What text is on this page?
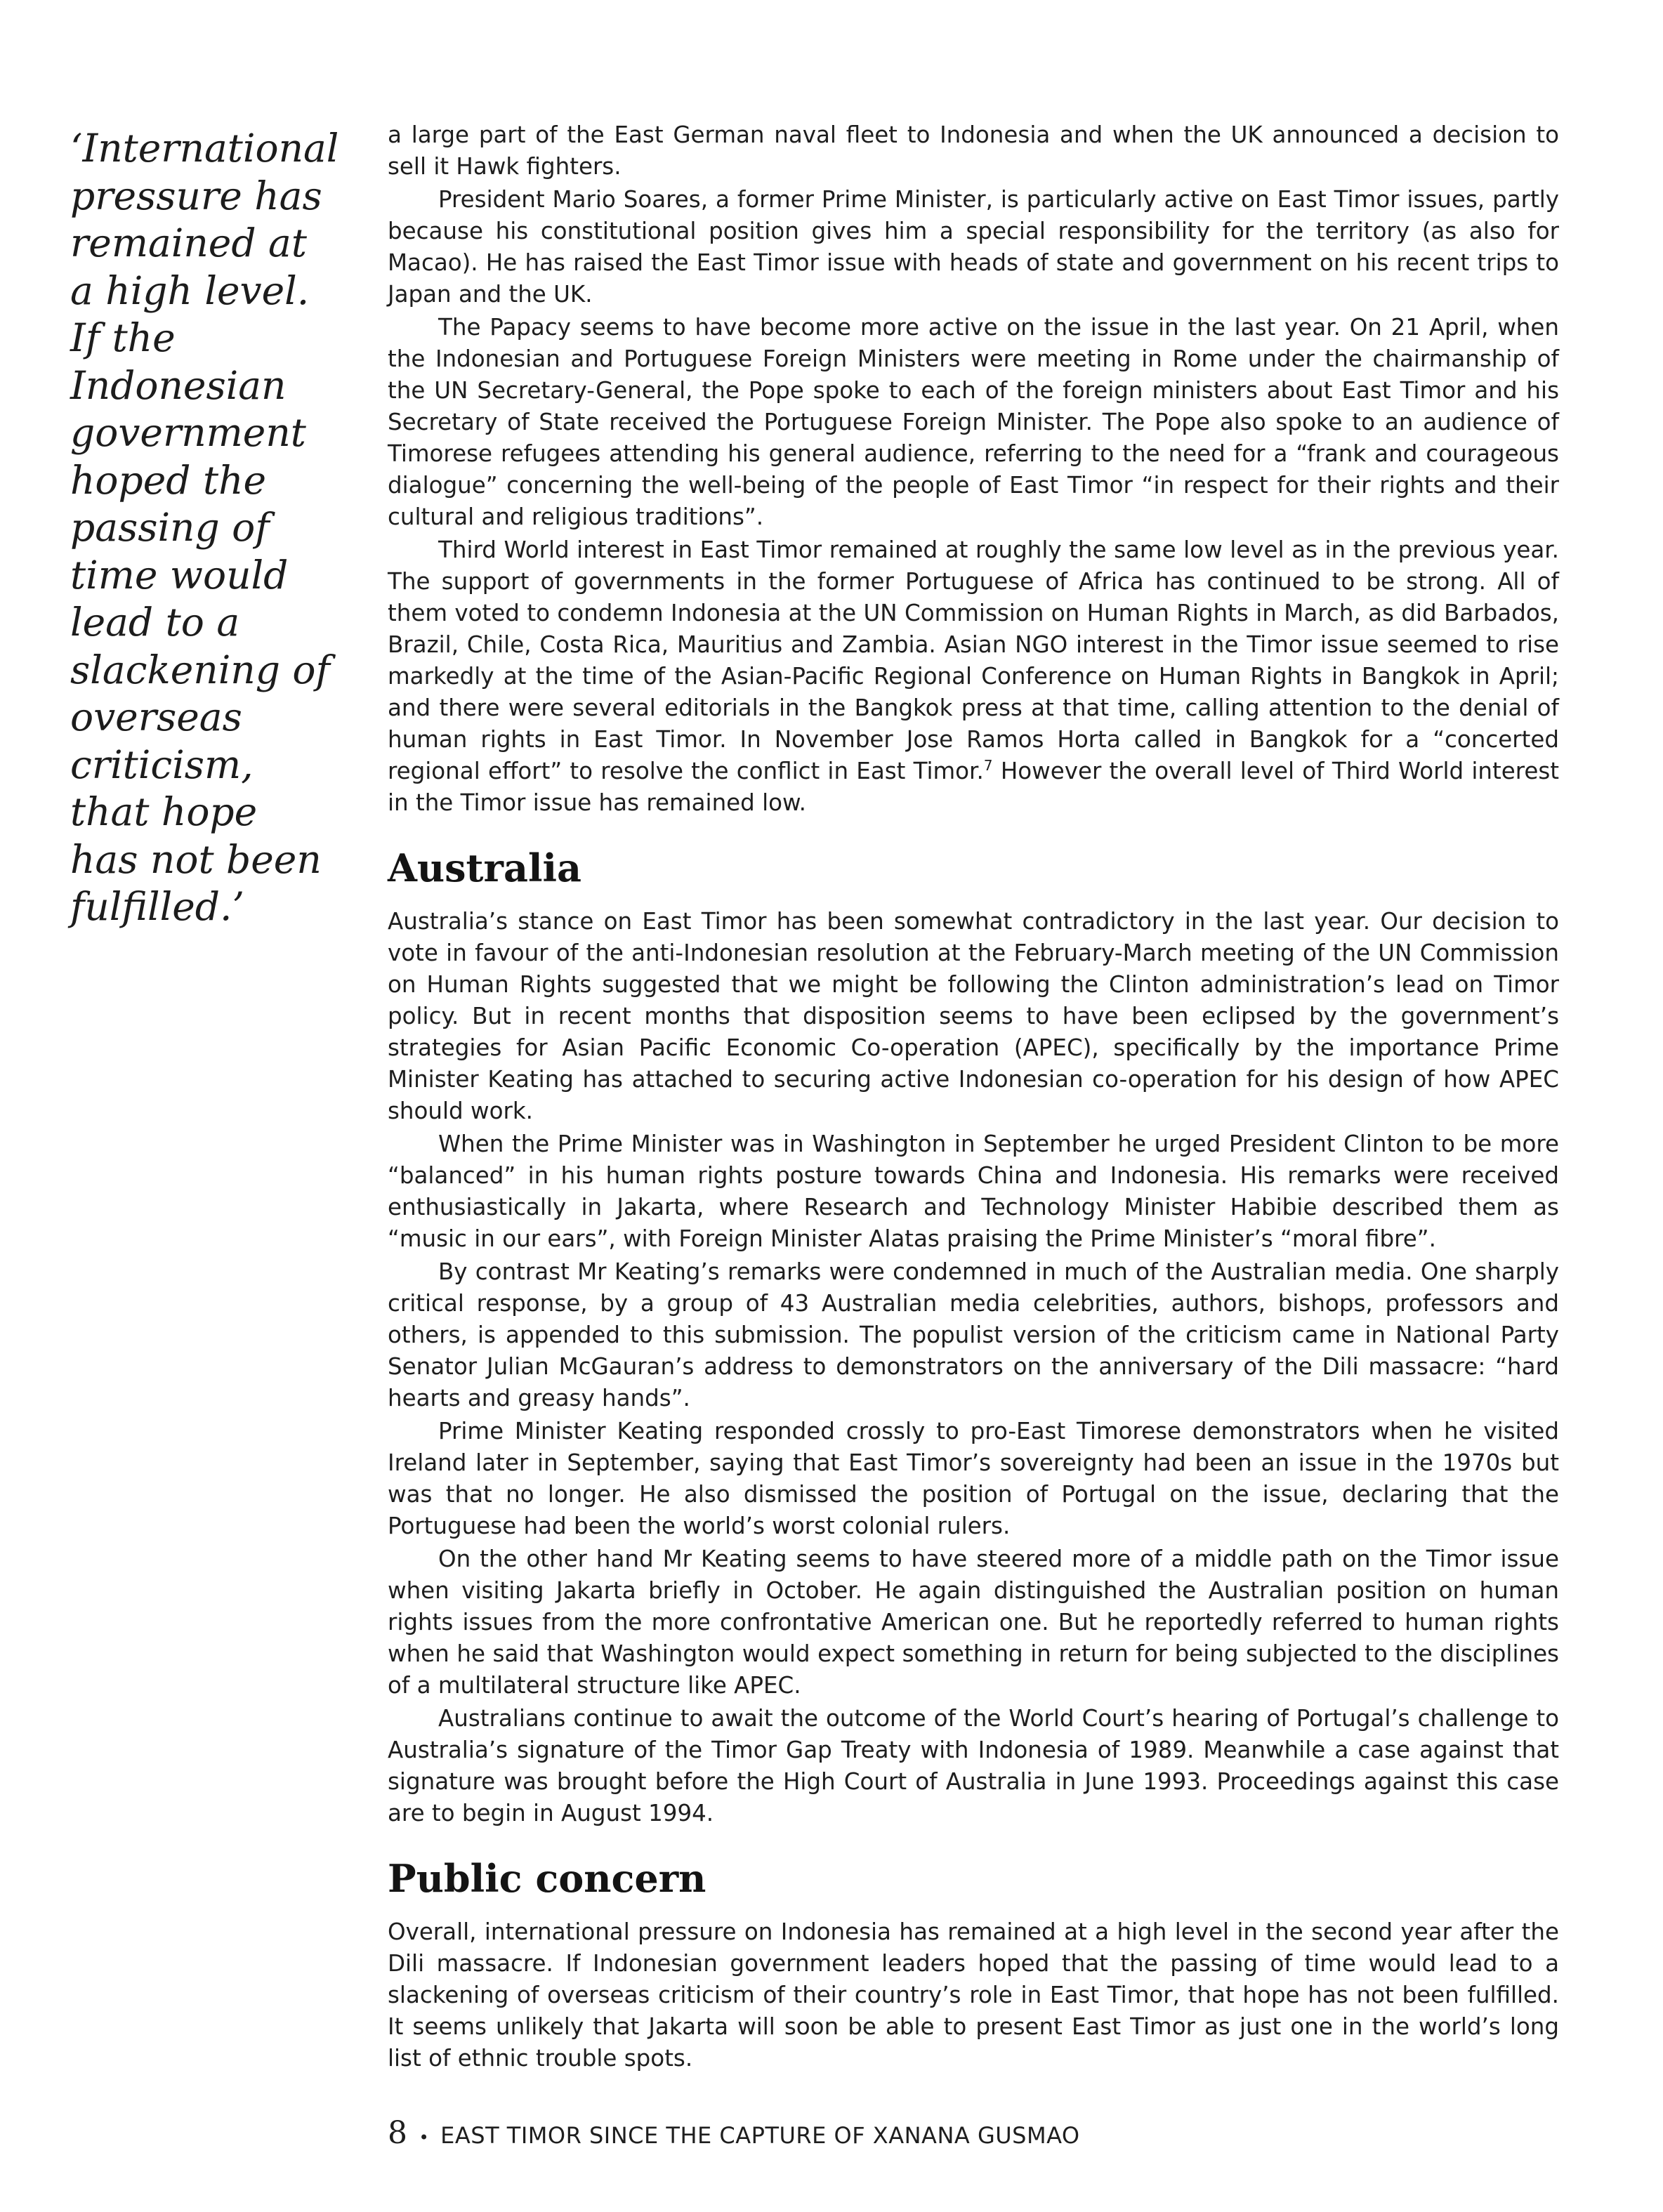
‘International pressure has remained at a high level. If the Indonesian government hoped the passing of time would lead to a slackening of overseas criticism, that hope has not been fulfilled.’

a large part of the East German naval fleet to Indonesia and when the UK announced a decision to sell it Hawk fighters.

President Mario Soares, a former Prime Minister, is particularly active on East Timor issues, partly because his constitutional position gives him a special responsibility for the territory (as also for Macao). He has raised the East Timor issue with heads of state and government on his recent trips to Japan and the UK.

The Papacy seems to have become more active on the issue in the last year. On 21 April, when the Indonesian and Portuguese Foreign Ministers were meeting in Rome under the chairmanship of the UN Secretary-General, the Pope spoke to each of the foreign ministers about East Timor and his Secretary of State received the Portuguese Foreign Minister. The Pope also spoke to an audience of Timorese refugees attending his general audience, referring to the need for a “frank and courageous dialogue” concerning the well-being of the people of East Timor “in respect for their rights and their cultural and religious traditions”.

Third World interest in East Timor remained at roughly the same low level as in the previous year. The support of governments in the former Portuguese of Africa has continued to be strong. All of them voted to condemn Indonesia at the UN Commission on Human Rights in March, as did Barbados, Brazil, Chile, Costa Rica, Mauritius and Zambia. Asian NGO interest in the Timor issue seemed to rise markedly at the time of the Asian-Pacific Regional Conference on Human Rights in Bangkok in April; and there were several editorials in the Bangkok press at that time, calling attention to the denial of human rights in East Timor. In November Jose Ramos Horta called in Bangkok for a “concerted regional effort” to resolve the conflict in East Timor.$^7$ However the overall level of Third World interest in the Timor issue has remained low.

Australia

Australia’s stance on East Timor has been somewhat contradictory in the last year. Our decision to vote in favour of the anti-Indonesian resolution at the February-March meeting of the UN Commission on Human Rights suggested that we might be following the Clinton administration’s lead on Timor policy. But in recent months that disposition seems to have been eclipsed by the government’s strategies for Asian Pacific Economic Co-operation (APEC), specifically by the importance Prime Minister Keating has attached to securing active Indonesian co-operation for his design of how APEC should work.

When the Prime Minister was in Washington in September he urged President Clinton to be more “balanced” in his human rights posture towards China and Indonesia. His remarks were received enthusiastically in Jakarta, where Research and Technology Minister Habibie described them as “music in our ears”, with Foreign Minister Alatas praising the Prime Minister’s “moral fibre”.

By contrast Mr Keating’s remarks were condemned in much of the Australian media. One sharply critical response, by a group of 43 Australian media celebrities, authors, bishops, professors and others, is appended to this submission. The populist version of the criticism came in National Party Senator Julian McGauran’s address to demonstrators on the anniversary of the Dili massacre: “hard hearts and greasy hands”.

Prime Minister Keating responded crossly to pro-East Timorese demonstrators when he visited Ireland later in September, saying that East Timor’s sovereignty had been an issue in the 1970s but was that no longer. He also dismissed the position of Portugal on the issue, declaring that the Portuguese had been the world’s worst colonial rulers.

On the other hand Mr Keating seems to have steered more of a middle path on the Timor issue when visiting Jakarta briefly in October. He again distinguished the Australian position on human rights issues from the more confrontative American one. But he reportedly referred to human rights when he said that Washington would expect something in return for being subjected to the disciplines of a multilateral structure like APEC.

Australians continue to await the outcome of the World Court’s hearing of Portugal’s challenge to Australia’s signature of the Timor Gap Treaty with Indonesia of 1989. Meanwhile a case against that signature was brought before the High Court of Australia in June 1993. Proceedings against this case are to begin in August 1994.

Public concern

Overall, international pressure on Indonesia has remained at a high level in the second year after the Dili massacre. If Indonesian government leaders hoped that the passing of time would lead to a slackening of overseas criticism of their country’s role in East Timor, that hope has not been fulfilled. It seems unlikely that Jakarta will soon be able to present East Timor as just one in the world’s long list of ethnic trouble spots.

8 • EAST TIMOR SINCE THE CAPTURE OF XANANA GUSMAO
